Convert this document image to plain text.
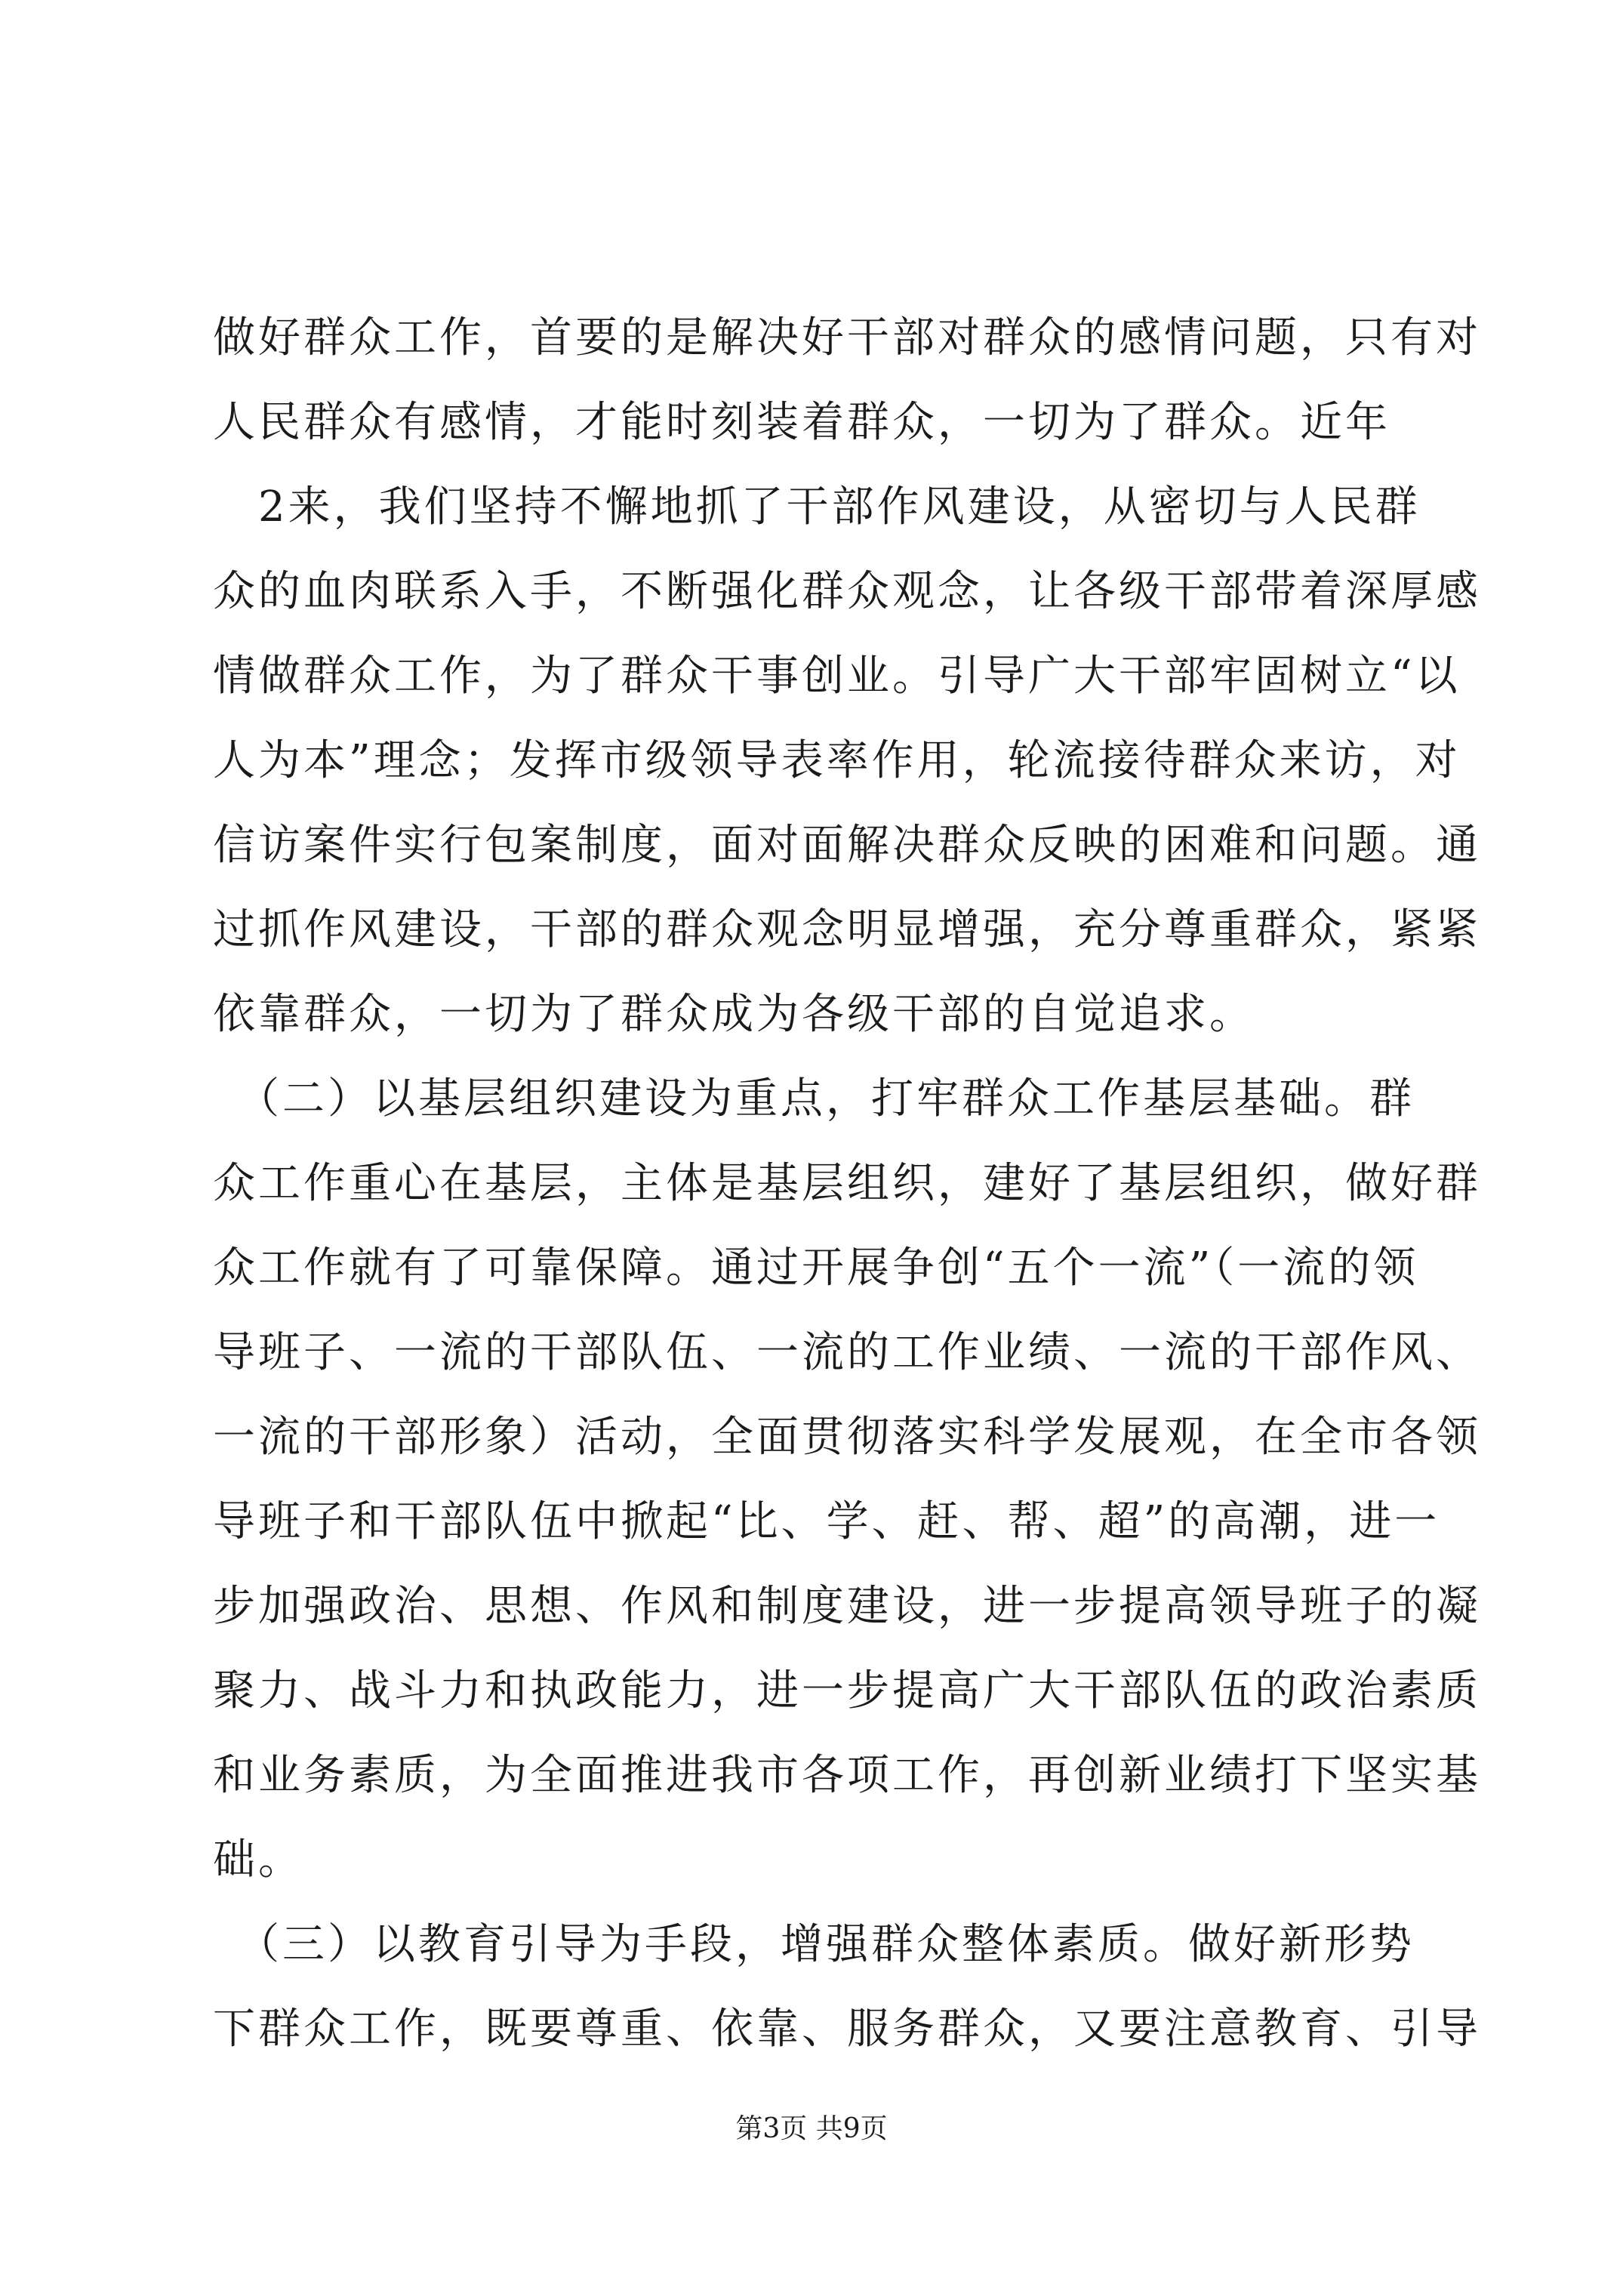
做好群众工作，首要的是解决好干部对群众的感情问题，只有对
人民群众有感情，才能时刻装着群众，一切为了群众。近年
　2来，我们坚持不懈地抓了干部作风建设，从密切与人民群
众的血肉联系入手，不断强化群众观念，让各级干部带着深厚感
情做群众工作，为了群众干事创业。引导广大干部牢固树立“以
人为本”理念；发挥市级领导表率作用，轮流接待群众来访，对
信访案件实行包案制度，面对面解决群众反映的困难和问题。通
过抓作风建设，干部的群众观念明显增强，充分尊重群众，紧紧
依靠群众，一切为了群众成为各级干部的自觉追求。
　（二）以基层组织建设为重点，打牢群众工作基层基础。群
众工作重心在基层，主体是基层组织，建好了基层组织，做好群
众工作就有了可靠保障。通过开展争创“五个一流”（一流的领
导班子、一流的干部队伍、一流的工作业绩、一流的干部作风、
一流的干部形象）活动，全面贯彻落实科学发展观，在全市各领
导班子和干部队伍中掀起“比、学、赶、帮、超”的高潮，进一
步加强政治、思想、作风和制度建设，进一步提高领导班子的凝
聚力、战斗力和执政能力，进一步提高广大干部队伍的政治素质
和业务素质，为全面推进我市各项工作，再创新业绩打下坚实基
础。
　（三）以教育引导为手段，增强群众整体素质。做好新形势
下群众工作，既要尊重、依靠、服务群众，又要注意教育、引导
第3页 共9页
